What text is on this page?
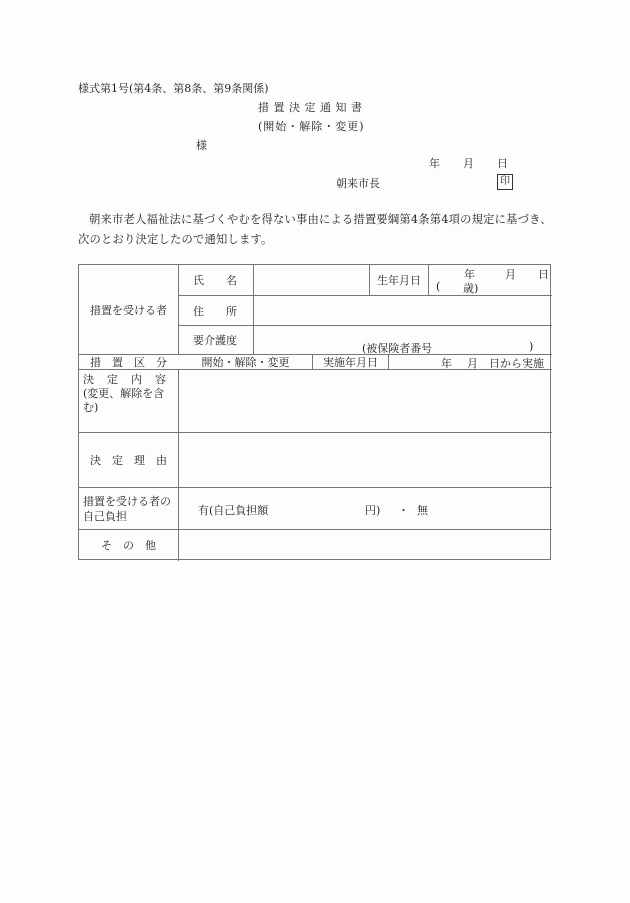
様式第1号(第4条、第8条、第9条関係)
措置決定通知書
(開始・解除・変更)
様
年 月 日
朝来市長	印
朝来市老人福祉法に基づくやむを得ない事由による措置要綱第4条第4項の規定に基づき、次のとおり決定したので通知します。
措置を受ける者
氏　　名	生年月日	年	月 日
( 歳)
住　　所
要介護度
(被保険者番号	)
措　置　区　分	開始・解除・変更	実施年月日	年 月 日から実施
決　定　内　容
(変更、解除を含む)
決　定　理　由
措置を受ける者の自己負担	有(自己負担額	円) ・ 無
そ　の　他
